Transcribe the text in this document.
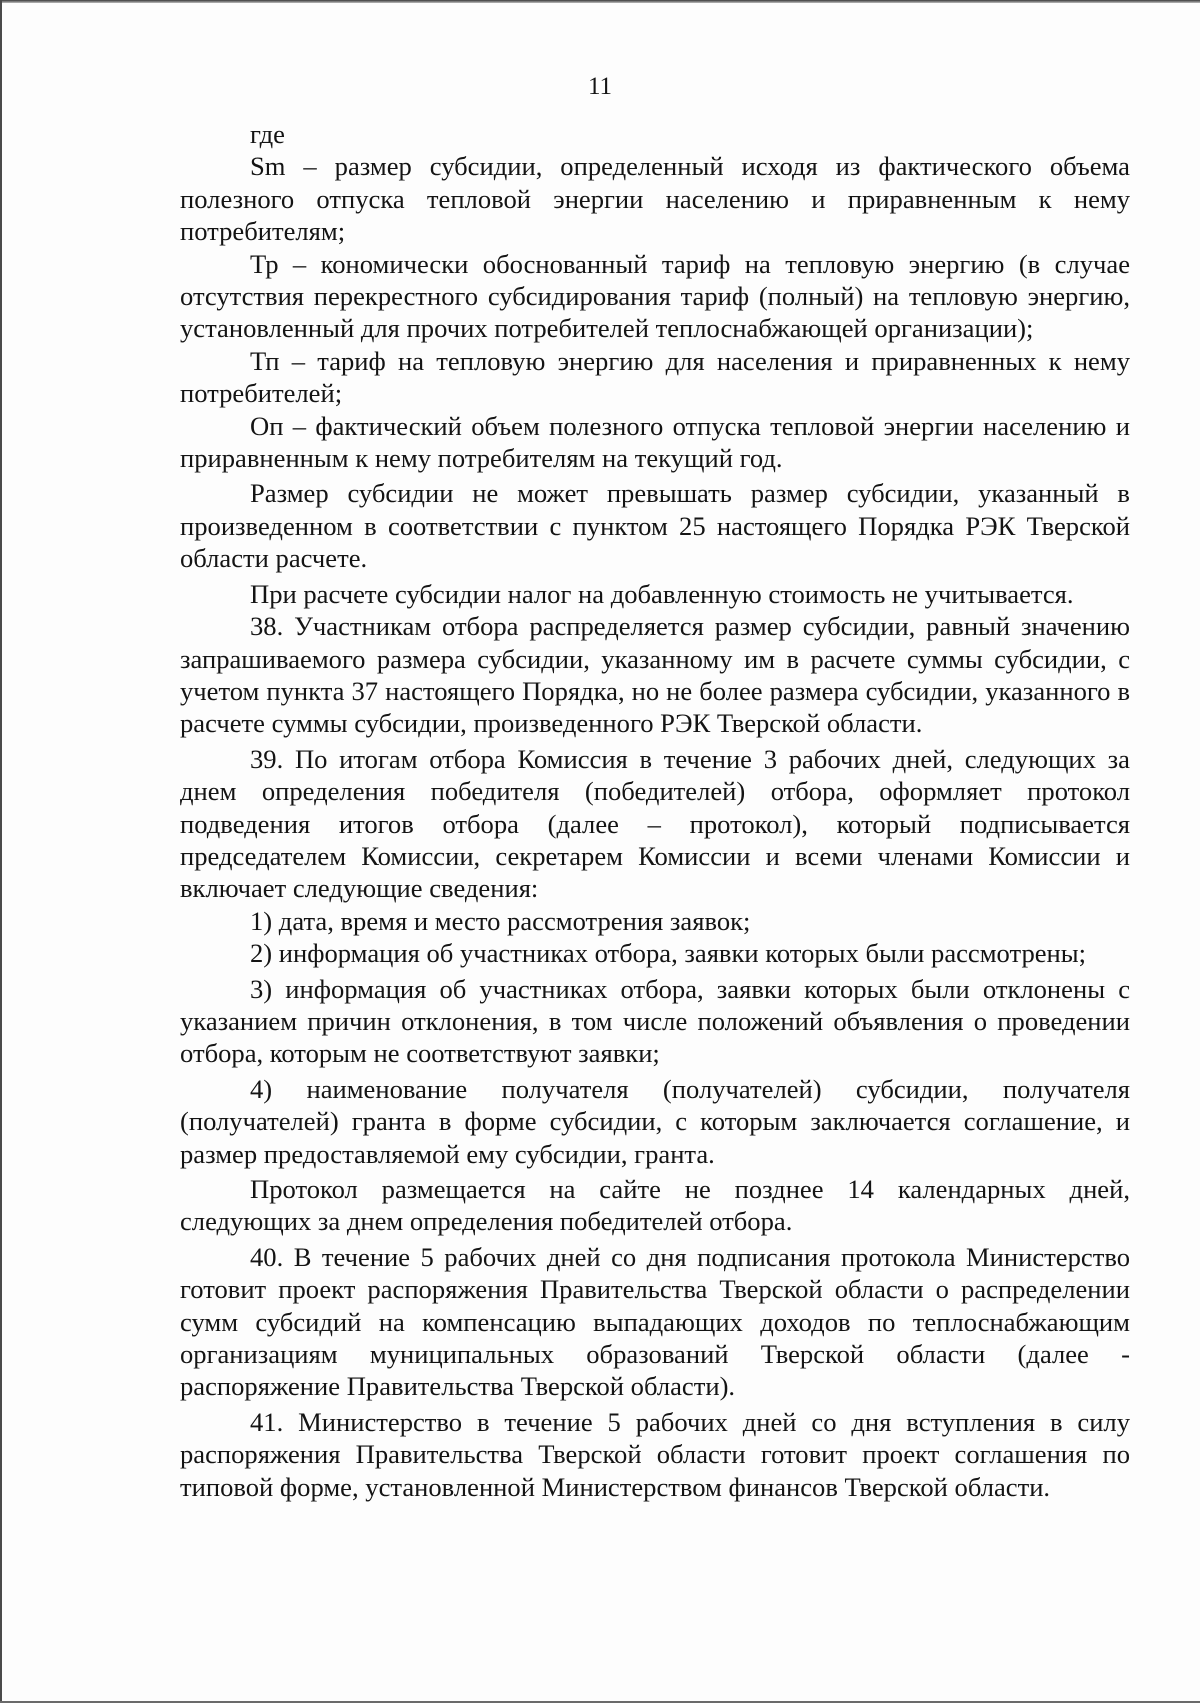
11

где

Sm – размер субсидии, определенный исходя из фактического объема полезного отпуска тепловой энергии населению и приравненным к нему потребителям;

Тр – кономически обоснованный тариф на тепловую энергию (в случае отсутствия перекрестного субсидирования тариф (полный) на тепловую энергию, установленный для прочих потребителей теплоснабжающей организации);

Тп – тариф на тепловую энергию для населения и приравненных к нему потребителей;

Оп – фактический объем полезного отпуска тепловой энергии населению и приравненным к нему потребителям на текущий год.

Размер субсидии не может превышать размер субсидии, указанный в произведенном в соответствии с пунктом 25 настоящего Порядка РЭК Тверской области расчете.

При расчете субсидии налог на добавленную стоимость не учитывается.

38. Участникам отбора распределяется размер субсидии, равный значению запрашиваемого размера субсидии, указанному им в расчете суммы субсидии, с учетом пункта 37 настоящего Порядка, но не более размера субсидии, указанного в расчете суммы субсидии, произведенного РЭК Тверской области.

39. По итогам отбора Комиссия в течение 3 рабочих дней, следующих за днем определения победителя (победителей) отбора, оформляет протокол подведения итогов отбора (далее – протокол), который подписывается председателем Комиссии, секретарем Комиссии и всеми членами Комиссии и включает следующие сведения:

1) дата, время и место рассмотрения заявок;

2) информация об участниках отбора, заявки которых были рассмотрены;

3) информация об участниках отбора, заявки которых были отклонены с указанием причин отклонения, в том числе положений объявления о проведении отбора, которым не соответствуют заявки;

4) наименование получателя (получателей) субсидии, получателя (получателей) гранта в форме субсидии, с которым заключается соглашение, и размер предоставляемой ему субсидии, гранта.

Протокол размещается на сайте не позднее 14 календарных дней, следующих за днем определения победителей отбора.

40. В течение 5 рабочих дней со дня подписания протокола Министерство готовит проект распоряжения Правительства Тверской области о распределении сумм субсидий на компенсацию выпадающих доходов по теплоснабжающим организациям муниципальных образований Тверской области (далее - распоряжение Правительства Тверской области).

41. Министерство в течение 5 рабочих дней со дня вступления в силу распоряжения Правительства Тверской области готовит проект соглашения по типовой форме, установленной Министерством финансов Тверской области.
